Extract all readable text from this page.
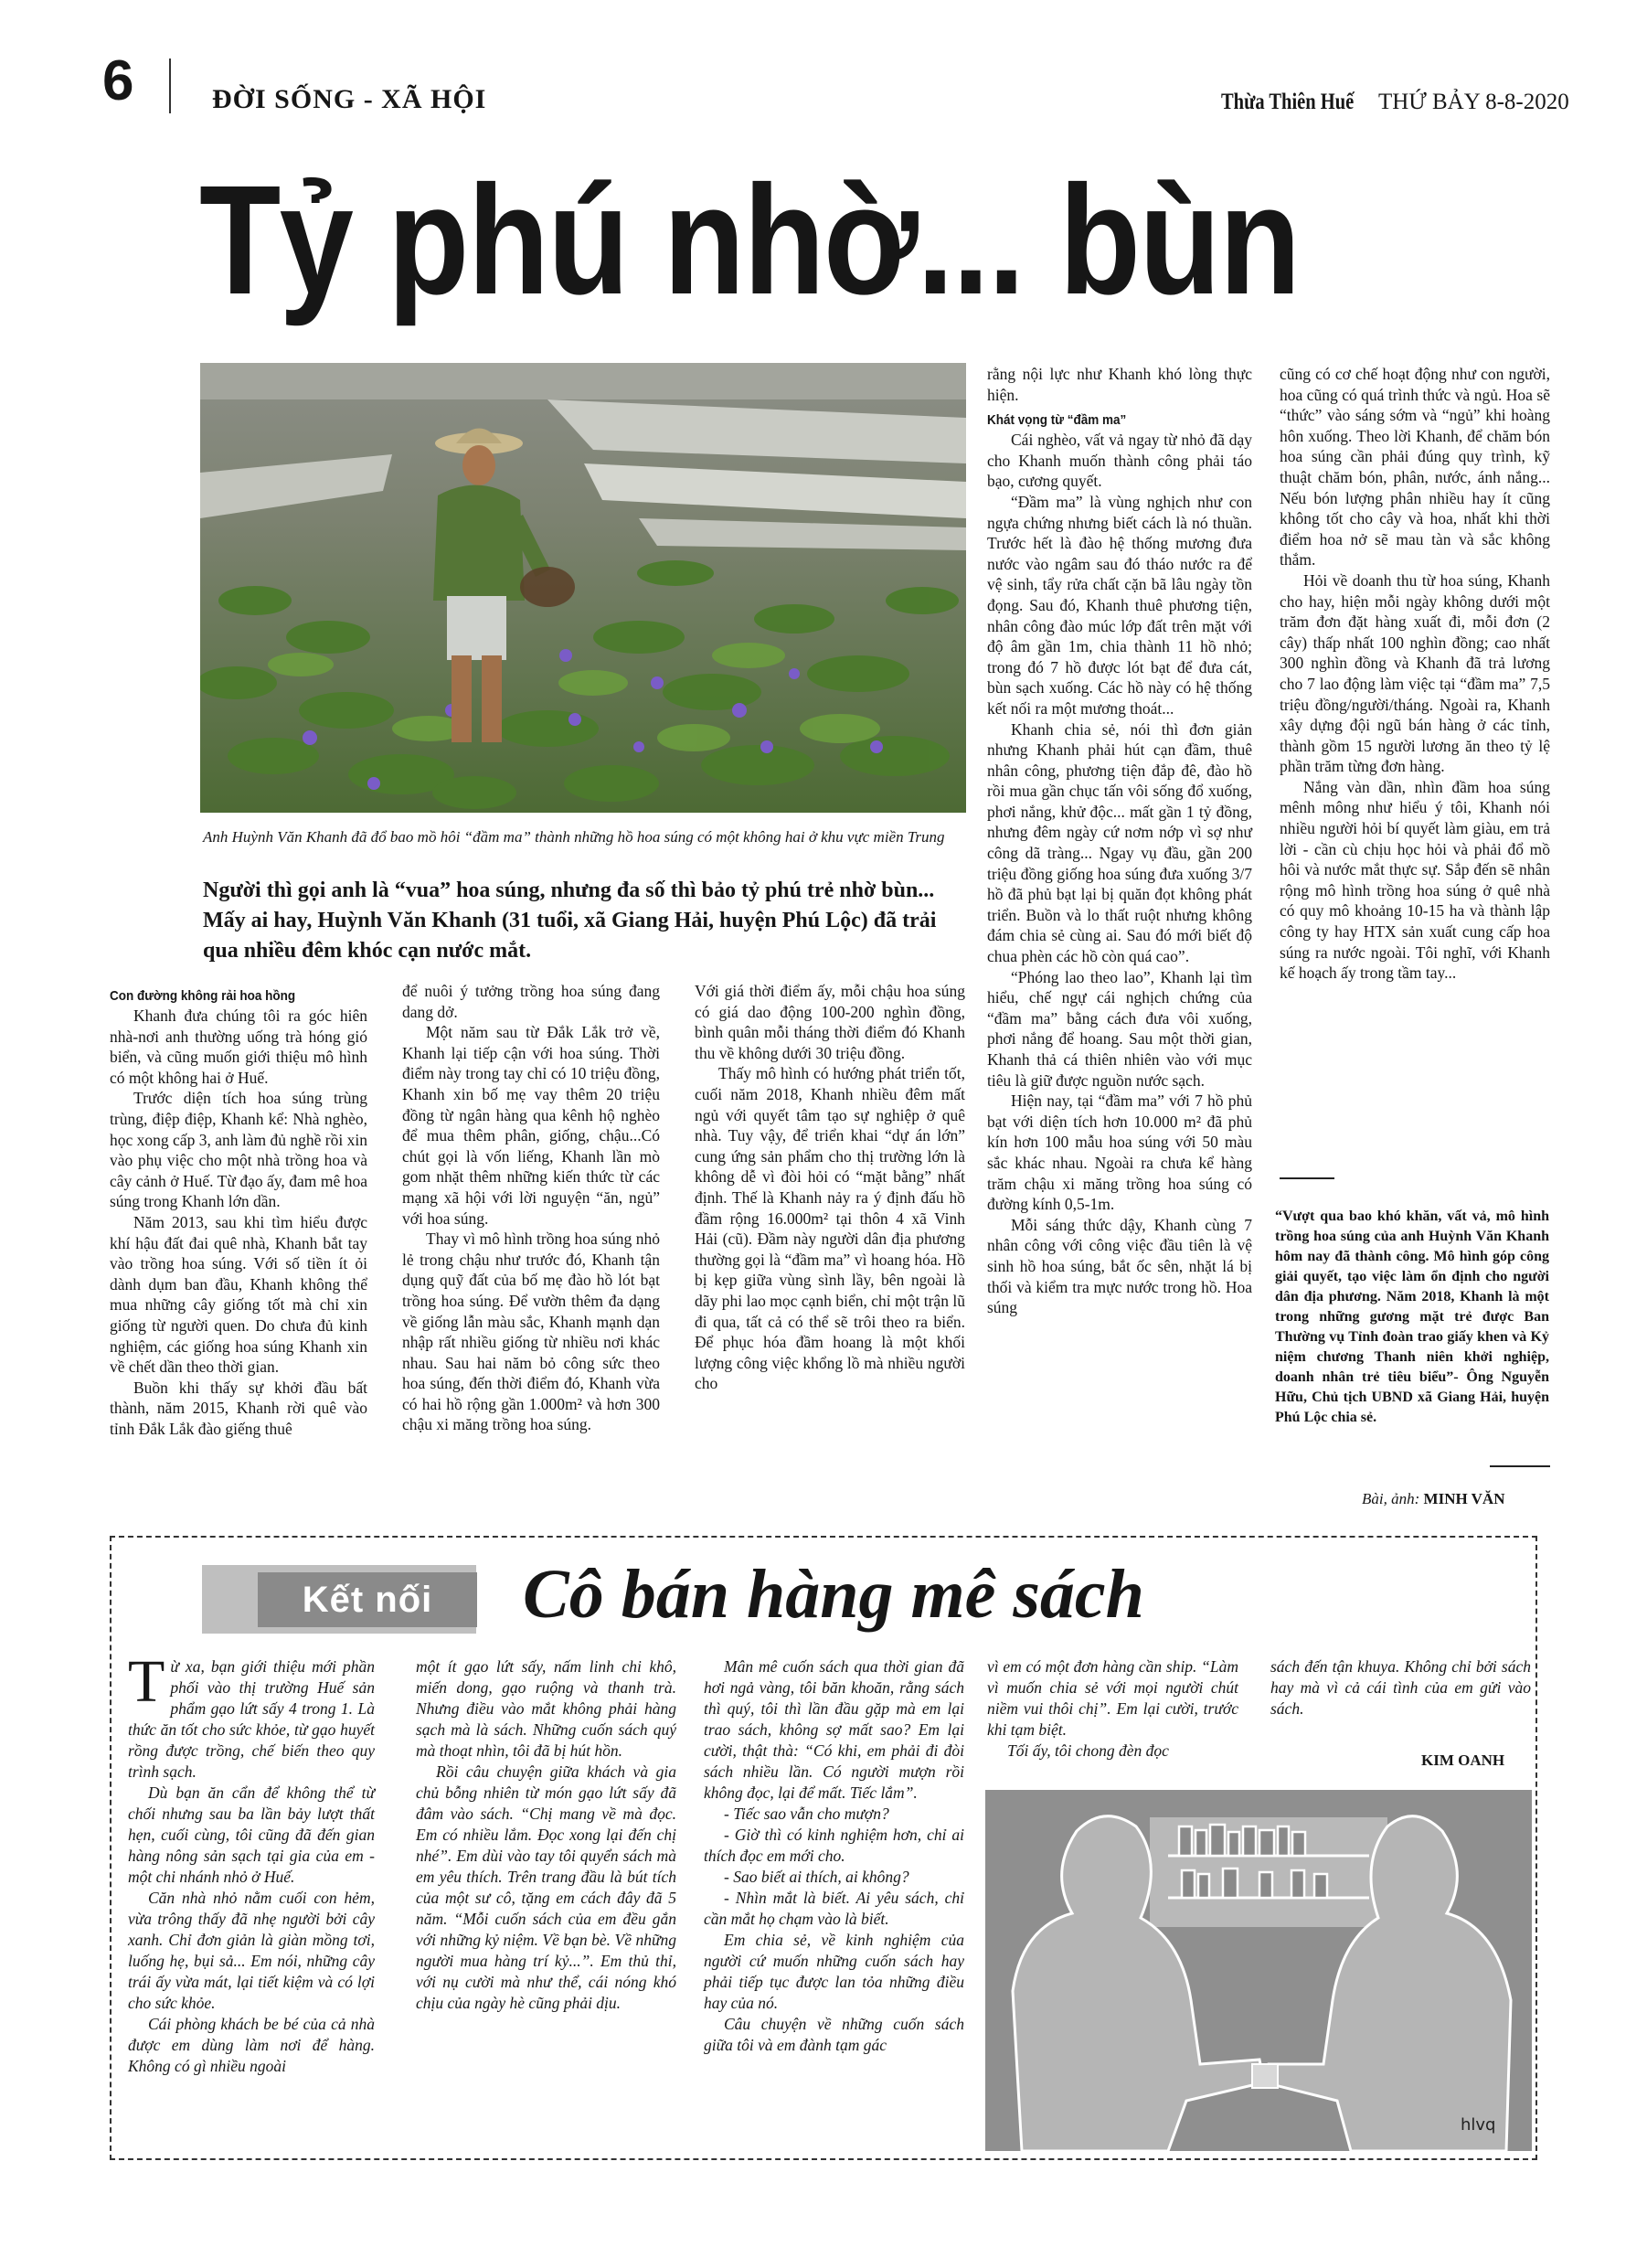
6	ĐỜI SỐNG - XÃ HỘI	Thừa Thiên Huế THỨ BẢY 8-8-2020
Tỷ phú nhờ... bùn
Anh Huỳnh Văn Khanh đã đổ bao mồ hôi “đầm ma” thành những hồ hoa súng có một không hai ở khu vực miền Trung
Người thì gọi anh là “vua” hoa súng, nhưng đa số thì bảo tỷ phú trẻ nhờ bùn... Mấy ai hay, Huỳnh Văn Khanh (31 tuổi, xã Giang Hải, huyện Phú Lộc) đã trải qua nhiều đêm khóc cạn nước mắt.
Con đường không rải hoa hồng

Khanh đưa chúng tôi ra góc hiên nhà-nơi anh thường uống trà hóng gió biển, và cũng muốn giới thiệu mô hình có một không hai ở Huế.

Trước diện tích hoa súng trùng trùng, điệp điệp, Khanh kể: Nhà nghèo, học xong cấp 3, anh làm đủ nghề rồi xin vào phụ việc cho một nhà trồng hoa và cây cảnh ở Huế. Từ đạo ấy, đam mê hoa súng trong Khanh lớn dần.

Năm 2013, sau khi tìm hiểu được khí hậu đất đai quê nhà, Khanh bắt tay vào trồng hoa súng. Với số tiền ít ỏi dành dụm ban đầu, Khanh không thể mua những cây giống tốt mà chỉ xin giống từ người quen. Do chưa đủ kinh nghiệm, các giống hoa súng Khanh xin về chết dần theo thời gian.

Buồn khi thấy sự khởi đầu bất thành, năm 2015, Khanh rời quê vào tỉnh Đắk Lắk đào giếng thuê

để nuôi ý tưởng trồng hoa súng đang dang dở.

Một năm sau từ Đắk Lắk trở về, Khanh lại tiếp cận với hoa súng. Thời điểm này trong tay chỉ có 10 triệu đồng, Khanh xin bố mẹ vay thêm 20 triệu đồng từ ngân hàng qua kênh hộ nghèo để mua thêm phân, giống, chậu...Có chút gọi là vốn liếng, Khanh lần mò gom nhặt thêm những kiến thức từ các mạng xã hội với lời nguyện “ăn, ngủ” với hoa súng.

Thay vì mô hình trồng hoa súng nhỏ lẻ trong chậu như trước đó, Khanh tận dụng quỹ đất của bố mẹ đào hồ lót bạt trồng hoa súng. Để vườn thêm đa dạng về giống lẫn màu sắc, Khanh mạnh dạn nhập rất nhiều giống từ nhiều nơi khác nhau. Sau hai năm bỏ công sức theo hoa súng, đến thời điểm đó, Khanh vừa có hai hồ rộng gần 1.000m² và hơn 300 chậu xi măng trồng hoa súng.

Với giá thời điểm ấy, mỗi chậu hoa súng có giá dao động 100-200 nghìn đồng, bình quân mỗi tháng thời điểm đó Khanh thu về không dưới 30 triệu đồng.

Thấy mô hình có hướng phát triển tốt, cuối năm 2018, Khanh nhiều đêm mất ngủ với quyết tâm tạo sự nghiệp ở quê nhà. Tuy vậy, để triển khai “dự án lớn” cung ứng sản phẩm cho thị trường lớn là không dễ vì đòi hỏi có “mặt bằng” nhất định. Thế là Khanh nảy ra ý định đấu hồ đầm rộng 16.000m² tại thôn 4 xã Vinh Hải (cũ). Đầm này người dân địa phương thường gọi là “đầm ma” vì hoang hóa. Hồ bị kẹp giữa vùng sình lầy, bên ngoài là dãy phi lao mọc cạnh biển, chỉ một trận lũ đi qua, tất cả có thể sẽ trôi theo ra biển. Để phục hóa đầm hoang là một khối lượng công việc khổng lồ mà nhiều người cho

rằng nội lực như Khanh khó lòng thực hiện.

Khát vọng từ “đầm ma”

Cái nghèo, vất vả ngay từ nhỏ đã dạy cho Khanh muốn thành công phải táo bạo, cương quyết.

“Đầm ma” là vùng nghịch như con ngựa chứng nhưng biết cách là nó thuần. Trước hết là đào hệ thống mương đưa nước vào ngâm sau đó tháo nước ra để vệ sinh, tẩy rửa chất cặn bã lâu ngày tồn đọng. Sau đó, Khanh thuê phương tiện, nhân công đào múc lớp đất trên mặt với độ âm gần 1m, chia thành 11 hồ nhỏ; trong đó 7 hồ được lót bạt để đưa cát, bùn sạch xuống. Các hồ này có hệ thống kết nối ra một mương thoát...

Khanh chia sẻ, nói thì đơn giản nhưng Khanh phải hút cạn đầm, thuê nhân công, phương tiện đắp đê, đào hồ rồi mua gần chục tấn vôi sống đổ xuống, phơi nắng, khử độc... mất gần 1 tỷ đồng, nhưng đêm ngày cứ nơm nớp vì sợ như công dã tràng... Ngay vụ đầu, gần 200 triệu đồng giống hoa súng đưa xuống 3/7 hồ đã phủ bạt lại bị quăn đọt không phát triển. Buồn và lo thất ruột nhưng không đám chia sẻ cùng ai. Sau đó mới biết độ chua phèn các hồ còn quá cao”.

“Phóng lao theo lao”, Khanh lại tìm hiểu, chế ngự cái nghịch chứng của “đầm ma” bằng cách đưa vôi xuống, phơi nắng để hoang. Sau một thời gian, Khanh thả cá thiên nhiên vào với mục tiêu là giữ được nguồn nước sạch.

Hiện nay, tại “đầm ma” với 7 hồ phủ bạt với diện tích hơn 10.000 m² đã phủ kín hơn 100 mẫu hoa súng với 50 màu sắc khác nhau. Ngoài ra chưa kể hàng trăm chậu xi măng trồng hoa súng có đường kính 0,5-1m.

Mỗi sáng thức dậy, Khanh cùng 7 nhân công với công việc đầu tiên là vệ sinh hồ hoa súng, bắt ốc sên, nhặt lá bị thối và kiểm tra mực nước trong hồ. Hoa súng

cũng có cơ chế hoạt động như con người, hoa cũng có quá trình thức và ngủ. Hoa sẽ “thức” vào sáng sớm và “ngủ” khi hoàng hôn xuống. Theo lời Khanh, để chăm bón hoa súng cần phải đúng quy trình, kỹ thuật chăm bón, phân, nước, ánh nắng... Nếu bón lượng phân nhiều hay ít cũng không tốt cho cây và hoa, nhất khi thời điểm hoa nở sẽ mau tàn và sắc không thắm.

Hỏi về doanh thu từ hoa súng, Khanh cho hay, hiện mỗi ngày không dưới một trăm đơn đặt hàng xuất đi, mỗi đơn (2 cây) thấp nhất 100 nghìn đồng; cao nhất 300 nghìn đồng và Khanh đã trả lương cho 7 lao động làm việc tại “đầm ma” 7,5 triệu đồng/người/tháng. Ngoài ra, Khanh xây dựng đội ngũ bán hàng ở các tỉnh, thành gồm 15 người lương ăn theo tỷ lệ phần trăm từng đơn hàng.

Nắng vàn dần, nhìn đầm hoa súng mênh mông như hiểu ý tôi, Khanh nói nhiều người hỏi bí quyết làm giàu, em trả lời - cần cù chịu học hỏi và phải đổ mồ hôi và nước mắt thực sự. Sắp đến sẽ nhân rộng mô hình trồng hoa súng ở quê nhà có quy mô khoảng 10-15 ha và thành lập công ty hay HTX sản xuất cung cấp hoa súng ra nước ngoài. Tôi nghĩ, với Khanh kế hoạch ấy trong tầm tay...

“Vượt qua bao khó khăn, vất vả, mô hình trồng hoa súng của anh Huỳnh Văn Khanh hôm nay đã thành công. Mô hình góp công giải quyết, tạo việc làm ổn định cho người dân địa phương. Năm 2018, Khanh là một trong những gương mặt trẻ được Ban Thường vụ Tỉnh đoàn trao giấy khen và Kỷ niệm chương Thanh niên khởi nghiệp, doanh nhân trẻ tiêu biểu”- Ông Nguyễn Hữu, Chủ tịch UBND xã Giang Hải, huyện Phú Lộc chia sẻ.
Bài, ảnh: MINH VĂN
Kết nối	Cô bán hàng mê sách

Từ xa, bạn giới thiệu mới phần phối vào thị trường Huế sản phẩm gạo lứt sấy 4 trong 1. Là thức ăn tốt cho sức khỏe, từ gạo huyết rồng được trồng, chế biến theo quy trình sạch.

Dù bạn ăn cẩn để không thể từ chối nhưng sau ba lần bảy lượt thất hẹn, cuối cùng, tôi cũng đã đến gian hàng nông sản sạch tại gia của em - một chi nhánh nhỏ ở Huế.

Căn nhà nhỏ nằm cuối con hẻm, vừa trông thấy đã nhẹ người bởi cây xanh. Chỉ đơn giản là giàn mồng tơi, luống hẹ, bụi sả... Em nói, những cây trái ấy vừa mát, lại tiết kiệm và có lợi cho sức khỏe.

Cái phòng khách be bé của cả nhà được em dùng làm nơi để hàng. Không có gì nhiều ngoài

một ít gạo lứt sấy, nấm linh chi khô, miến dong, gạo ruộng và thanh trà. Nhưng điều vào mắt không phải hàng sạch mà là sách. Những cuốn sách quý mà thoạt nhìn, tôi đã bị hút hồn.

Rồi câu chuyện giữa khách và gia chủ bỗng nhiên từ món gạo lứt sấy đã đâm vào sách. “Chị mang về mà đọc. Em có nhiều lắm. Đọc xong lại đến chị nhé”. Em dùi vào tay tôi quyển sách mà em yêu thích. Trên trang đầu là bút tích của một sư cô, tặng em cách đây đã 5 năm. “Mỗi cuốn sách của em đều gắn với những kỷ niệm. Về bạn bè. Về những người mua hàng trí kỷ...”. Em thủ thỉ, với nụ cười mà như thể, cái nóng khó chịu của ngày hè cũng phải dịu.

Mân mê cuốn sách qua thời gian đã hơi ngả vàng, tôi băn khoăn, rằng sách thì quý, tôi thì lần đầu gặp mà em lại trao sách, không sợ mất sao? Em lại cười, thật thà: “Có khi, em phải đi đòi sách nhiều lần. Có người mượn rồi không đọc, lại để mất. Tiếc lắm”.

- Tiếc sao vẫn cho mượn?

- Giờ thì có kinh nghiệm hơn, chỉ ai thích đọc em mới cho.

- Sao biết ai thích, ai không?

- Nhìn mắt là biết. Ai yêu sách, chỉ cần mắt họ chạm vào là biết.

Em chia sẻ, về kinh nghiệm của người cứ muốn những cuốn sách hay phải tiếp tục được lan tỏa những điều hay của nó.

Câu chuyện về những cuốn sách giữa tôi và em đành tạm gác

vì em có một đơn hàng cần ship. “Làm vì muốn chia sẻ với mọi người chút niềm vui thôi chị”. Em lại cười, trước khi tạm biệt.

Tối ấy, tôi chong đèn đọc

sách đến tận khuya. Không chỉ bởi sách hay mà vì cả cái tình của em gửi vào sách.

KIM OANH
hlvq
